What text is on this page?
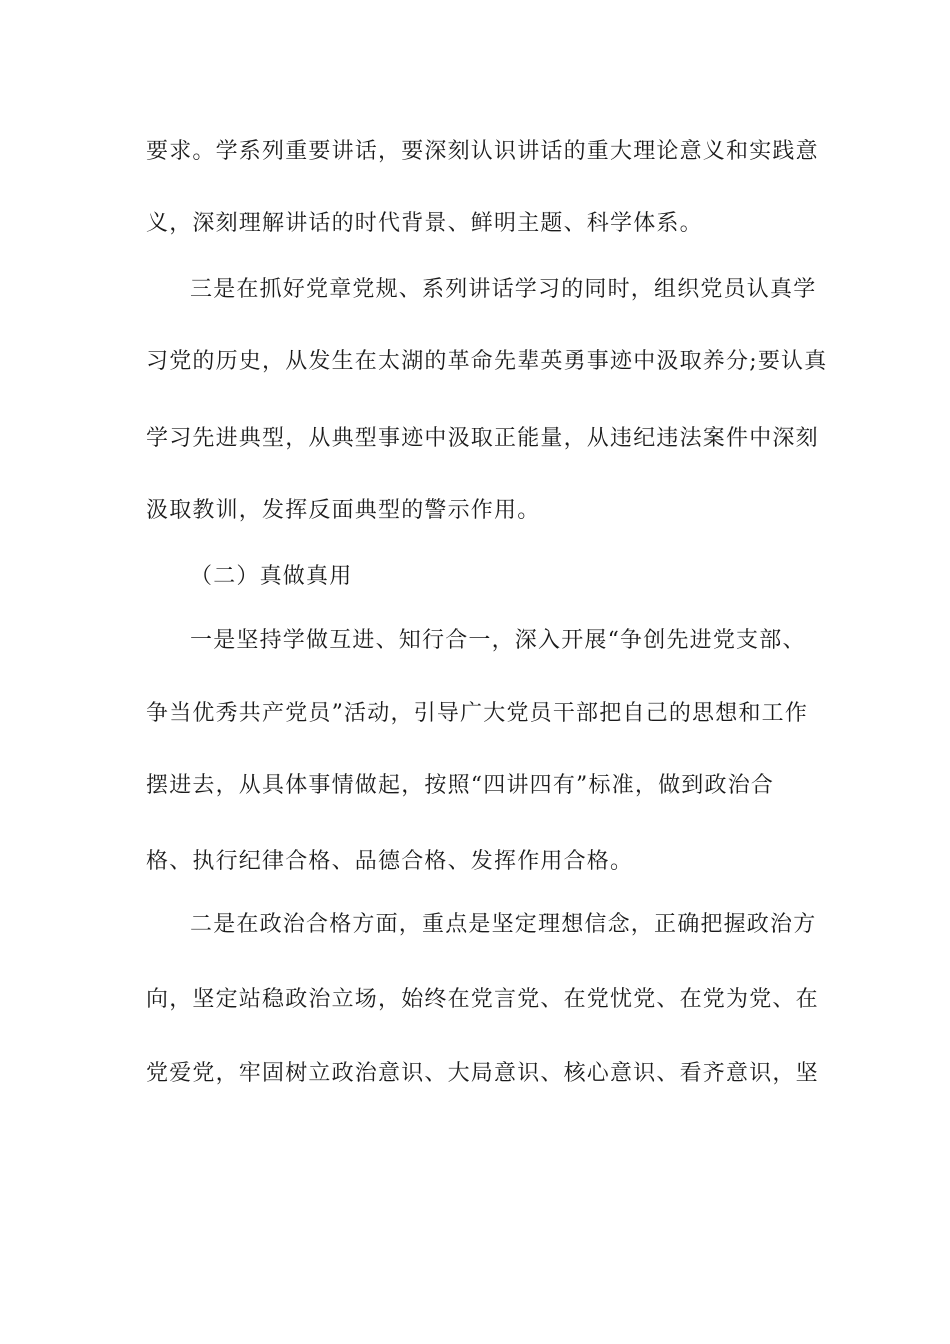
要求。学系列重要讲话，要深刻认识讲话的重大理论意义和实践意
义，深刻理解讲话的时代背景、鲜明主题、科学体系。
三是在抓好党章党规、系列讲话学习的同时，组织党员认真学
习党的历史，从发生在太湖的革命先辈英勇事迹中汲取养分;要认真
学习先进典型，从典型事迹中汲取正能量，从违纪违法案件中深刻
汲取教训，发挥反面典型的警示作用。
（二）真做真用
一是坚持学做互进、知行合一，深入开展“争创先进党支部、
争当优秀共产党员”活动，引导广大党员干部把自己的思想和工作
摆进去，从具体事情做起，按照“四讲四有”标准，做到政治合
格、执行纪律合格、品德合格、发挥作用合格。
二是在政治合格方面，重点是坚定理想信念，正确把握政治方
向，坚定站稳政治立场，始终在党言党、在党忧党、在党为党、在
党爱党，牢固树立政治意识、大局意识、核心意识、看齐意识，坚
